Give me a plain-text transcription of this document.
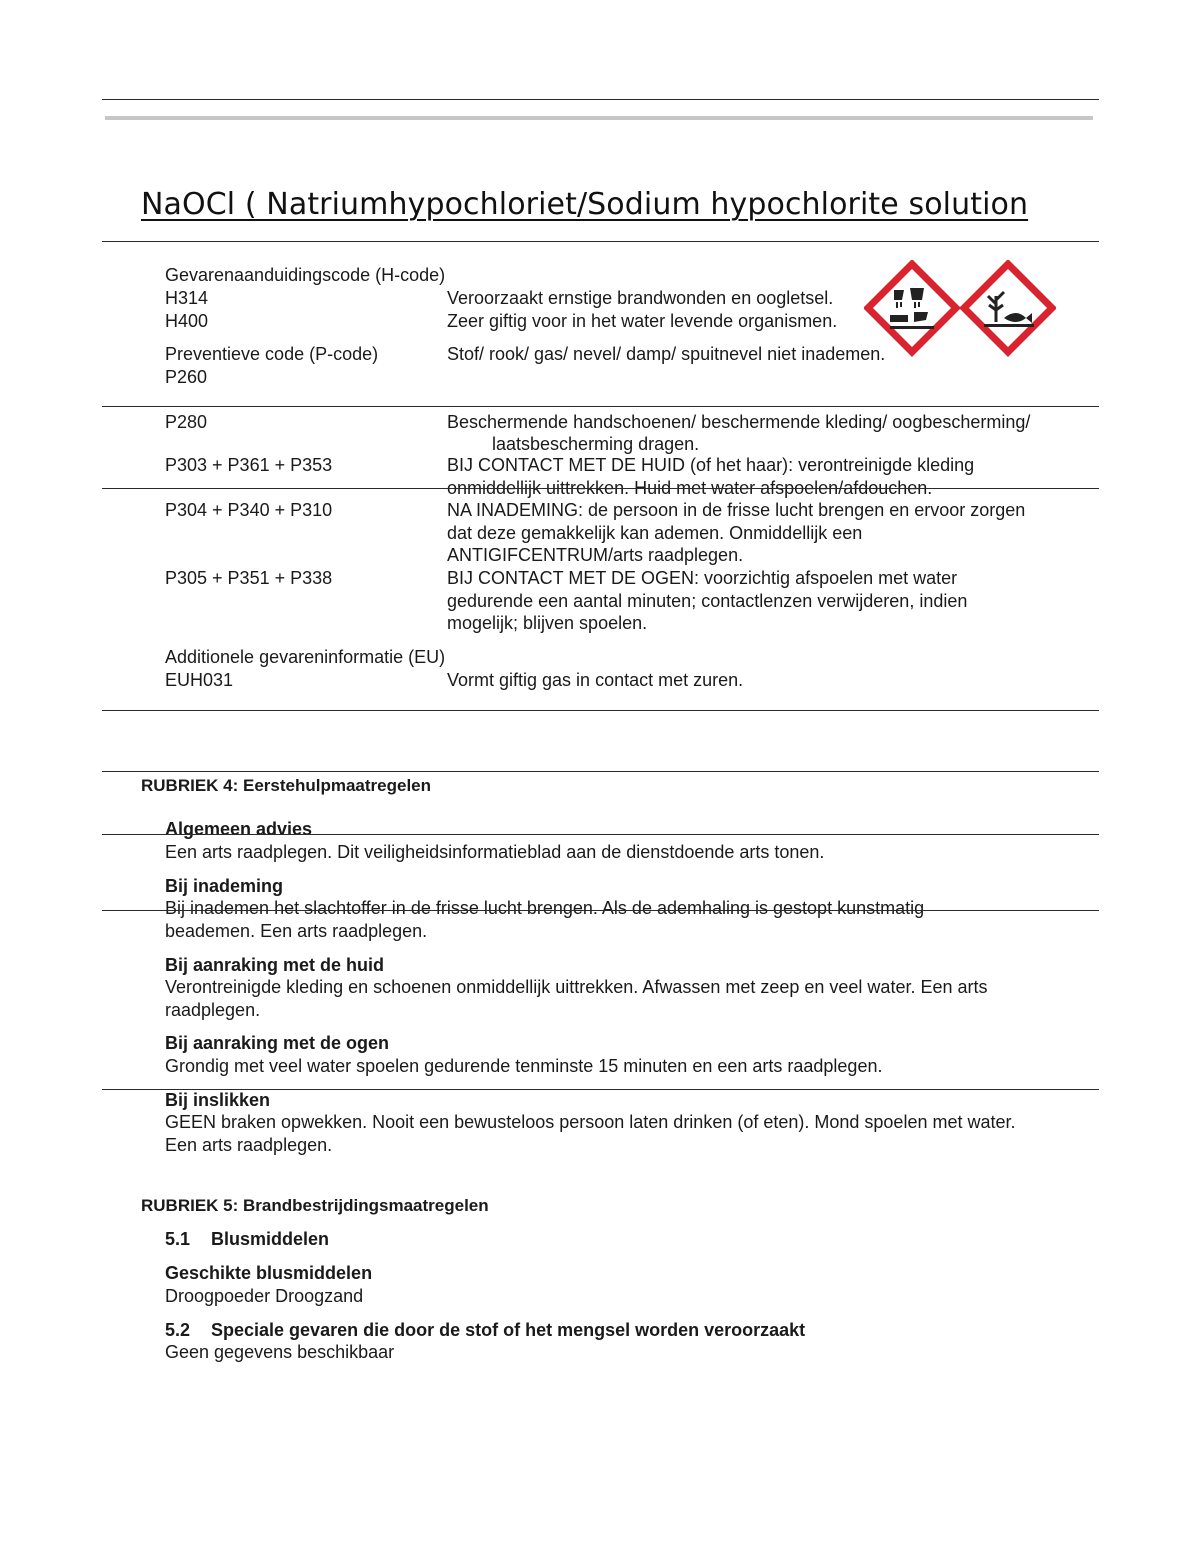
NaOCl ( Natriumhypochloriet/Sodium hypochlorite solution
Gevarenaanduidingscode (H-code)
H314	Veroorzaakt ernstige brandwonden en oogletsel.
H400	Zeer giftig voor in het water levende organismen.
Preventieve code (P-code)	Stof/ rook/ gas/ nevel/ damp/ spuitnevel niet inademen.
P260
P280	Beschermende handschoenen/ beschermende kleding/ oogbescherming/
laatsbescherming dragen.
P303 + P361 + P353	BIJ CONTACT MET DE HUID (of het haar): verontreinigde kleding
onmiddellijk uittrekken. Huid met water afspoelen/afdouchen.
P304 + P340 + P310	NA INADEMING: de persoon in de frisse lucht brengen en ervoor zorgen
dat deze gemakkelijk kan ademen. Onmiddellijk een
ANTIGIFCENTRUM/arts raadplegen.
P305 + P351 + P338	BIJ CONTACT MET DE OGEN: voorzichtig afspoelen met water
gedurende een aantal minuten; contactlenzen verwijderen, indien
mogelijk; blijven spoelen.
Additionele gevareninformatie (EU)
EUH031	Vormt giftig gas in contact met zuren.
RUBRIEK 4: Eerstehulpmaatregelen
Algemeen advies
Een arts raadplegen. Dit veiligheidsinformatieblad aan de dienstdoende arts tonen.
Bij inademing
Bij inademen het slachtoffer in de frisse lucht brengen. Als de ademhaling is gestopt kunstmatig
beademen. Een arts raadplegen.
Bij aanraking met de huid
Verontreinigde kleding en schoenen onmiddellijk uittrekken. Afwassen met zeep en veel water. Een arts
raadplegen.
Bij aanraking met de ogen
Grondig met veel water spoelen gedurende tenminste 15 minuten en een arts raadplegen.
Bij inslikken
GEEN braken opwekken. Nooit een bewusteloos persoon laten drinken (of eten). Mond spoelen met water.
Een arts raadplegen.
RUBRIEK 5: Brandbestrijdingsmaatregelen
5.1 Blusmiddelen
Geschikte blusmiddelen
Droogpoeder Droogzand
5.2 Speciale gevaren die door de stof of het mengsel worden veroorzaakt
Geen gegevens beschikbaar
